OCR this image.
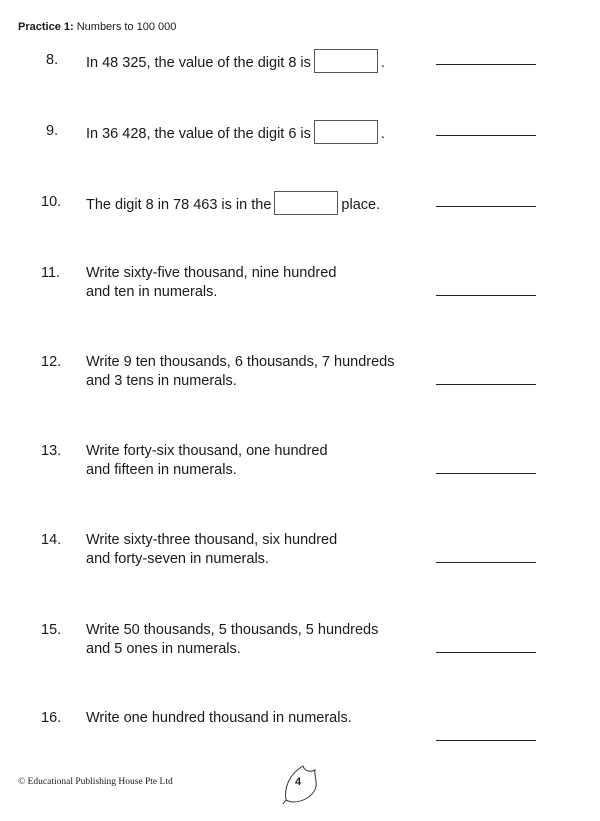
Practice 1: Numbers to 100 000
8. In 48 325, the value of the digit 8 is	.
9. In 36 428, the value of the digit 6 is	.
10. The digit 8 in 78 463 is in the	place.
11. Write sixty-five thousand, nine hundred
and ten in numerals.
12. Write 9 ten thousands, 6 thousands, 7 hundreds
and 3 tens in numerals.
13. Write forty-six thousand, one hundred
and fifteen in numerals.
14. Write sixty-three thousand, six hundred
and forty-seven in numerals.
15. Write 50 thousands, 5 thousands, 5 hundreds
and 5 ones in numerals.
16. Write one hundred thousand in numerals.
© Educational Publishing House Pte Ltd	4
